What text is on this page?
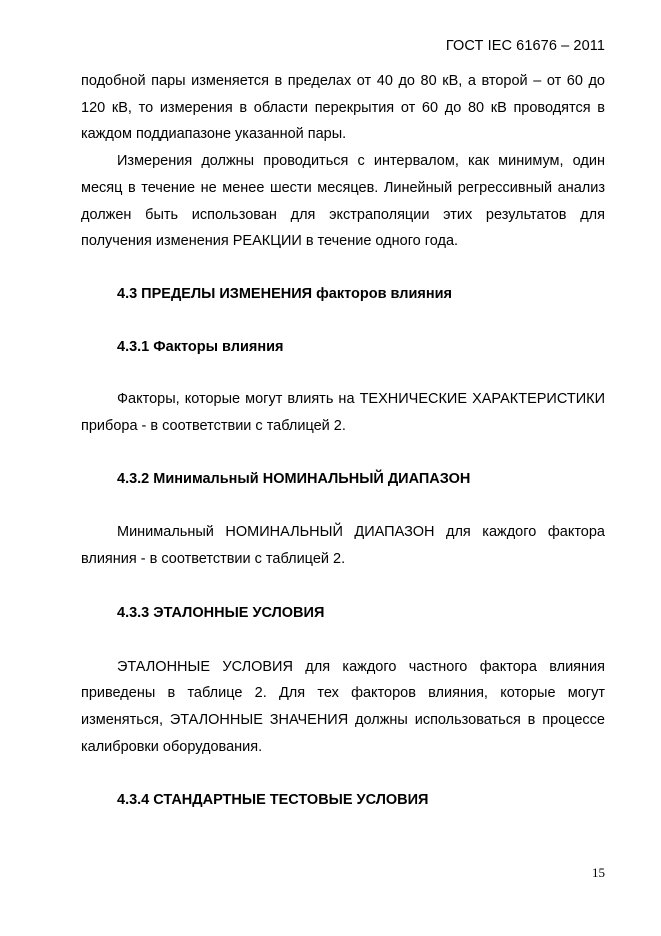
ГОСТ IEC 61676 – 2011

подобной пары изменяется в пределах от 40 до 80 кВ, а второй – от 60 до 120 кВ, то измерения в области перекрытия от 60 до 80 кВ проводятся в каждом поддиапазоне указанной пары.

Измерения должны проводиться с интервалом, как минимум, один месяц в течение не менее шести месяцев. Линейный регрессивный анализ должен быть использован для экстраполяции этих результатов для получения изменения РЕАКЦИИ в течение одного года.

4.3 ПРЕДЕЛЫ ИЗМЕНЕНИЯ факторов влияния

4.3.1 Факторы влияния

Факторы, которые могут влиять на ТЕХНИЧЕСКИЕ ХАРАКТЕРИСТИКИ прибора - в соответствии с таблицей 2.

4.3.2 Минимальный НОМИНАЛЬНЫЙ ДИАПАЗОН

Минимальный НОМИНАЛЬНЫЙ ДИАПАЗОН для каждого фактора влияния - в соответствии с таблицей 2.

4.3.3 ЭТАЛОННЫЕ УСЛОВИЯ

ЭТАЛОННЫЕ УСЛОВИЯ для каждого частного фактора влияния приведены в таблице 2. Для тех факторов влияния, которые могут изменяться, ЭТАЛОННЫЕ ЗНАЧЕНИЯ должны использоваться в процессе калибровки оборудования.

4.3.4 СТАНДАРТНЫЕ ТЕСТОВЫЕ УСЛОВИЯ

15
